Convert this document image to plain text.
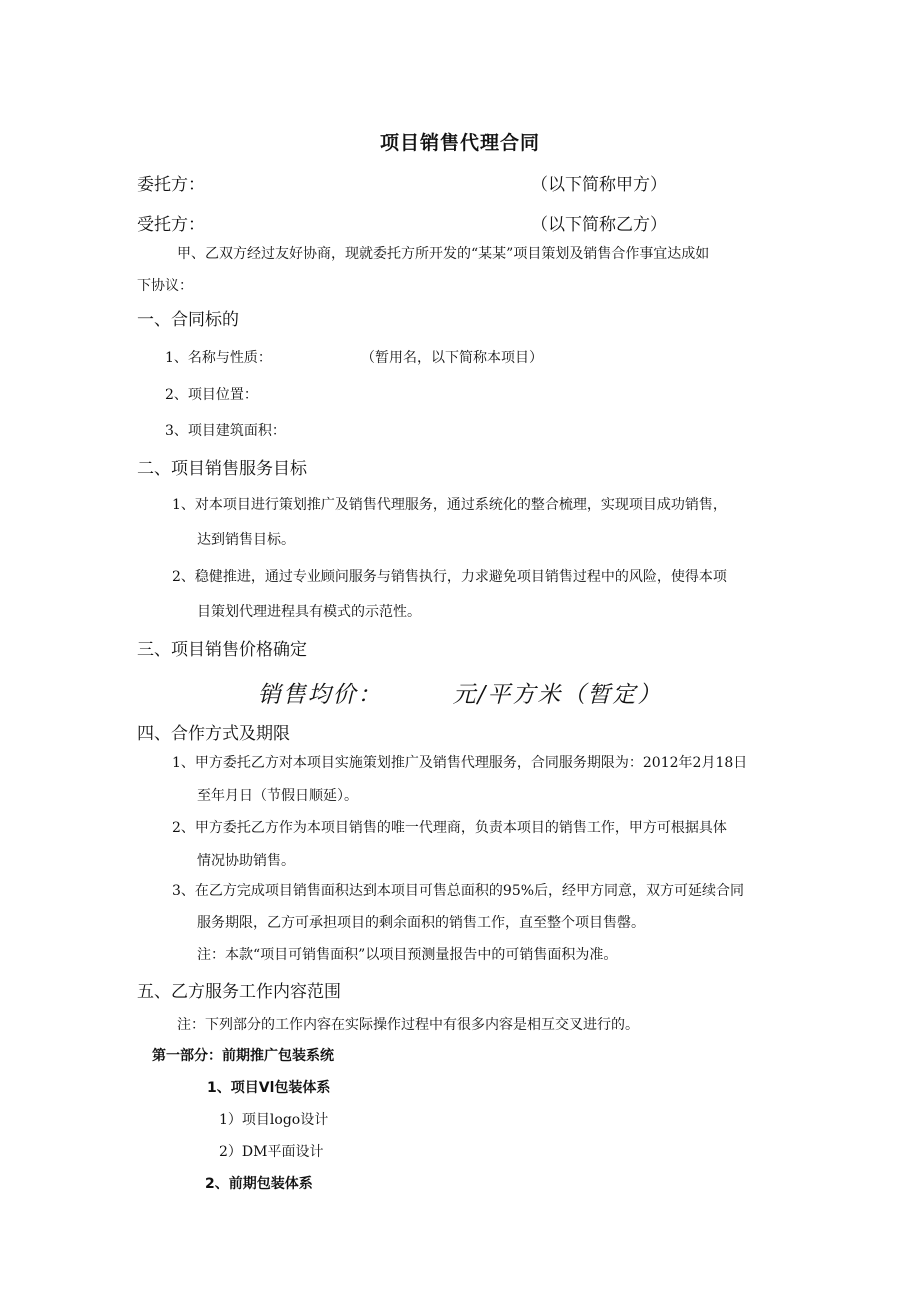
项目销售代理合同
委托方：	（以下简称甲方）
受托方：	（以下简称乙方）
甲、乙双方经过友好协商，现就委托方所开发的“某某”项目策划及销售合作事宜达成如
下协议：
一、合同标的
1、名称与性质：	（暂用名，以下简称本项目）
2、项目位置：
3、项目建筑面积：
二、项目销售服务目标
1、对本项目进行策划推广及销售代理服务，通过系统化的整合梳理，实现项目成功销售，
达到销售目标。
2、稳健推进，通过专业顾问服务与销售执行，力求避免项目销售过程中的风险，使得本项
目策划代理进程具有模式的示范性。
三、项目销售价格确定
销售均价：	元/平方米（暂定）
四、合作方式及期限
1、甲方委托乙方对本项目实施策划推广及销售代理服务，合同服务期限为：2012年2月18日
至年月日（节假日顺延）。
2、甲方委托乙方作为本项目销售的唯一代理商，负责本项目的销售工作，甲方可根据具体
情况协助销售。
3、在乙方完成项目销售面积达到本项目可售总面积的95%后，经甲方同意，双方可延续合同
服务期限，乙方可承担项目的剩余面积的销售工作，直至整个项目售罄。
注：本款“项目可销售面积”以项目预测量报告中的可销售面积为准。
五、乙方服务工作内容范围
注：下列部分的工作内容在实际操作过程中有很多内容是相互交叉进行的。
第一部分：前期推广包装系统
1、项目Vl包装体系
1）项目logo设计
2）DM平面设计
2、前期包装体系
